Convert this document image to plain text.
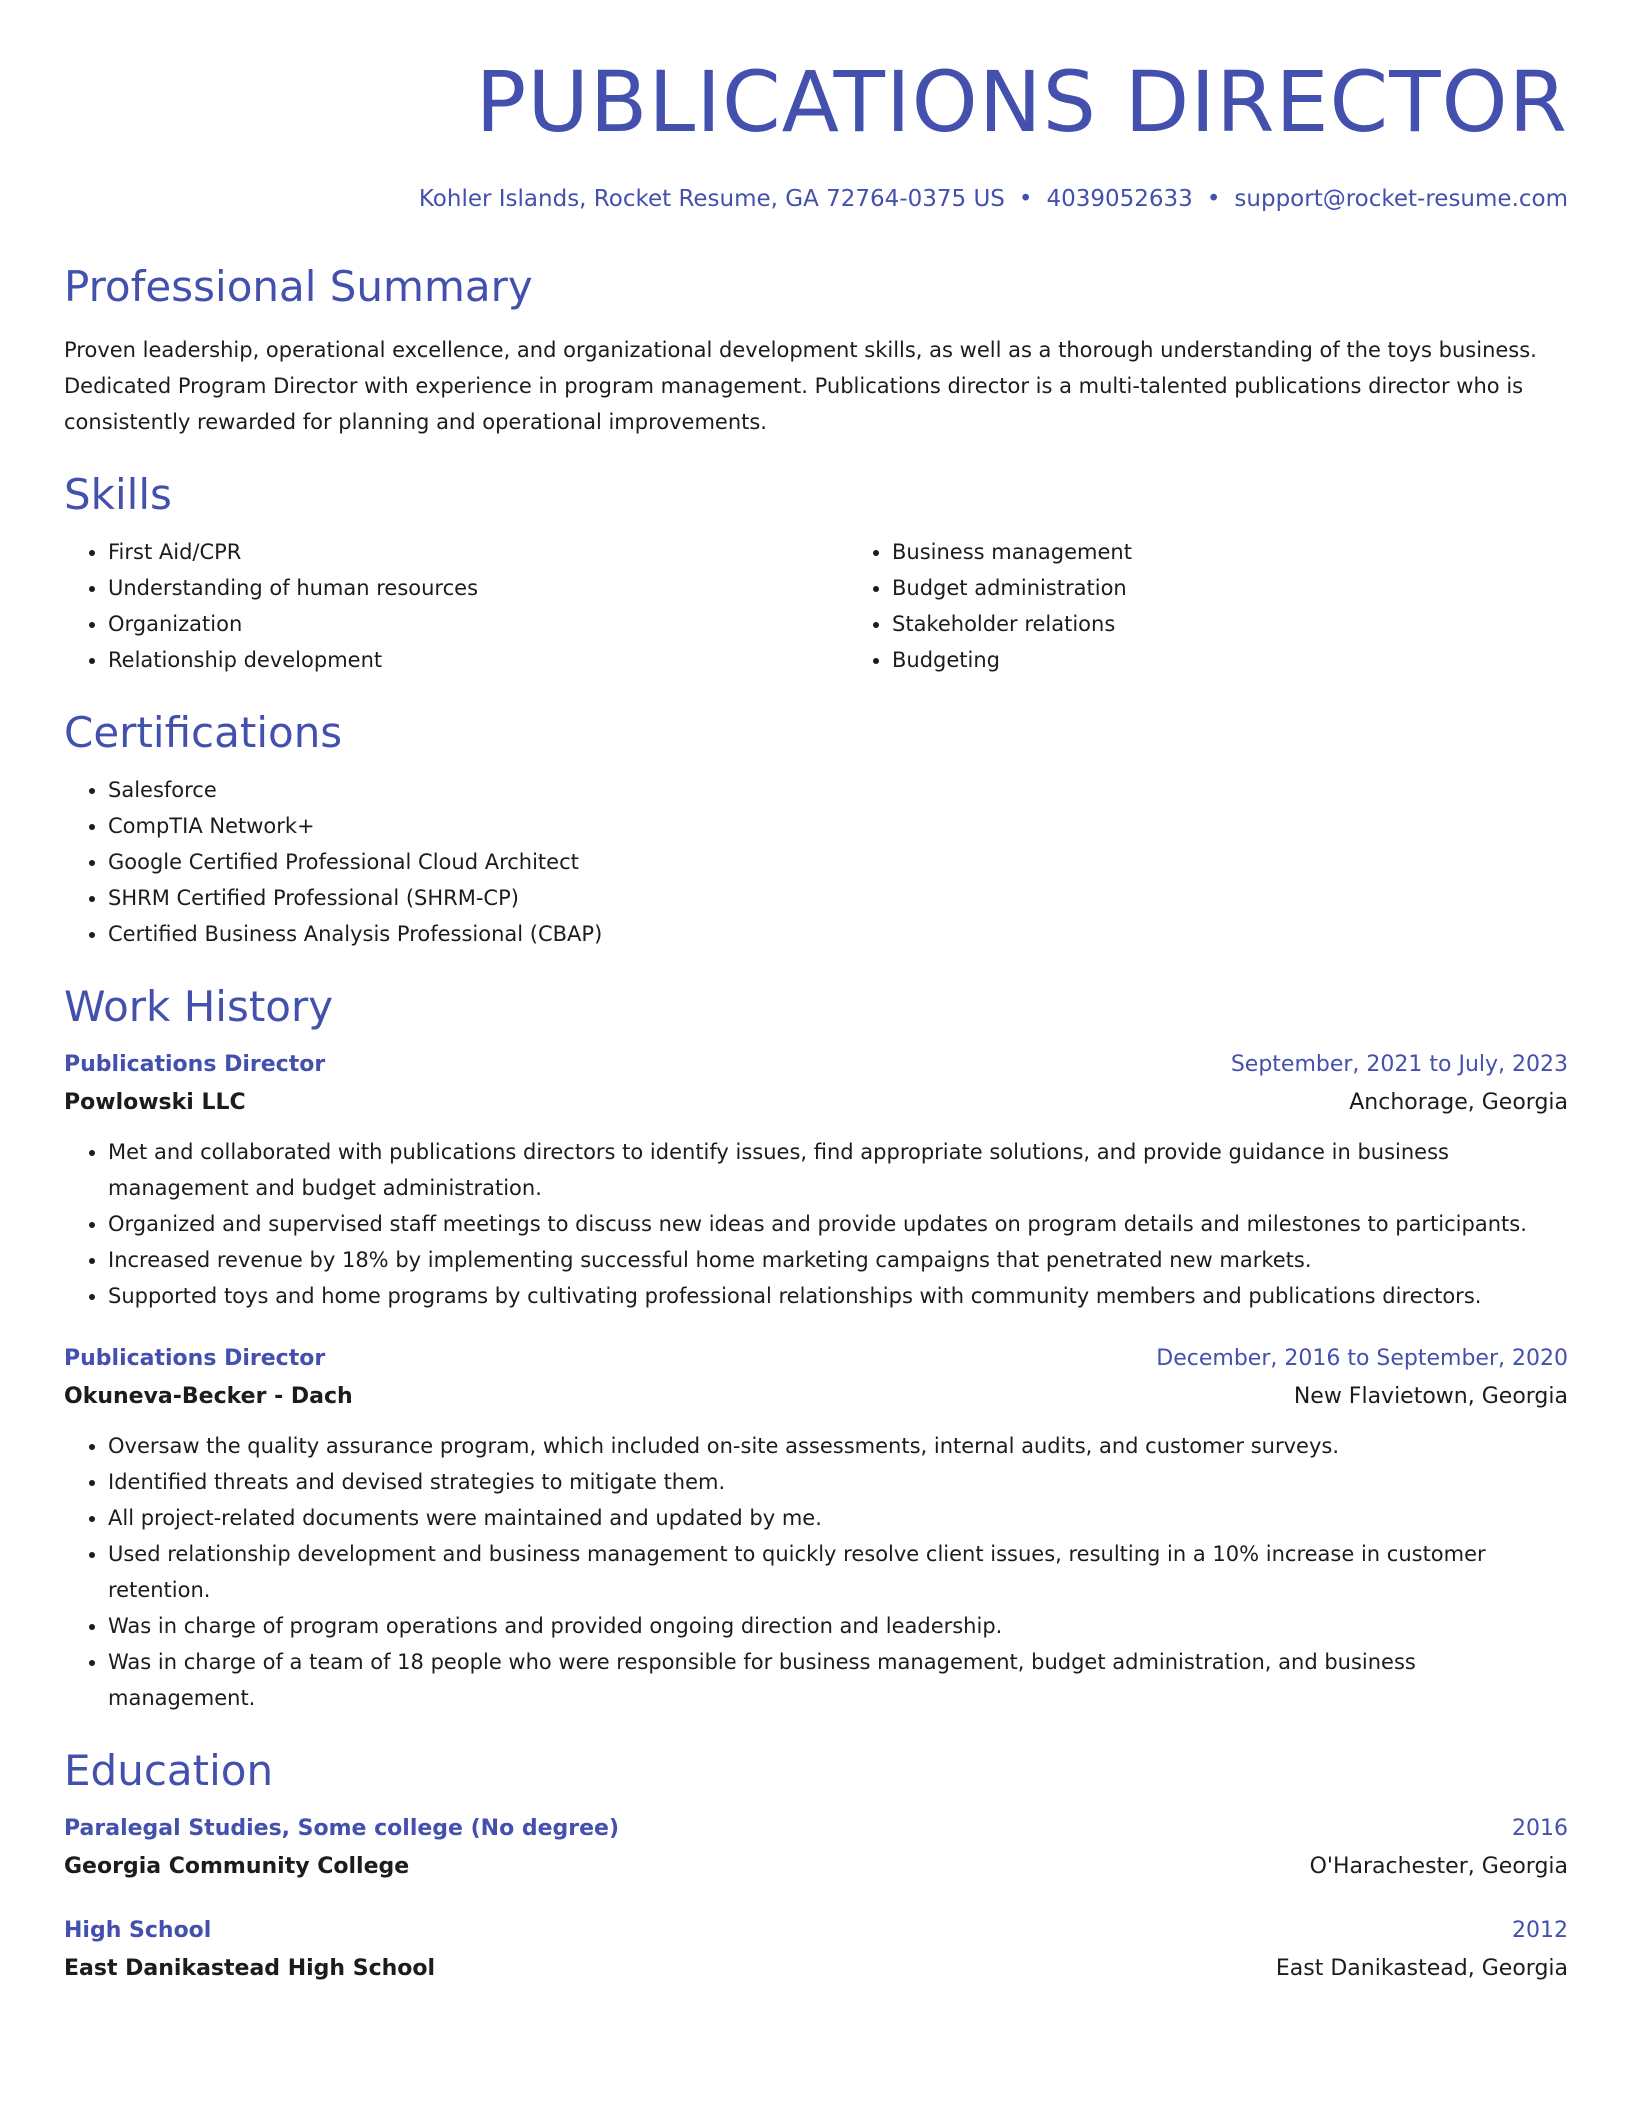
PUBLICATIONS DIRECTOR
Kohler Islands, Rocket Resume, GA 72764-0375 US • 4039052633 • support@rocket-resume.com
Professional Summary

Proven leadership, operational excellence, and organizational development skills, as well as a thorough understanding of the toys business. Dedicated Program Director with experience in program management. Publications director is a multi-talented publications director who is consistently rewarded for planning and operational improvements.

Skills
• First Aid/CPR
• Understanding of human resources
• Organization
• Relationship development
• Business management
• Budget administration
• Stakeholder relations
• Budgeting
Certifications
• Salesforce
• CompTIA Network+
• Google Certified Professional Cloud Architect
• SHRM Certified Professional (SHRM-CP)
• Certified Business Analysis Professional (CBAP)
Work History
Publications Director	September, 2021 to July, 2023
Powlowski LLC	Anchorage, Georgia
• Met and collaborated with publications directors to identify issues, find appropriate solutions, and provide guidance in business management and budget administration.
• Organized and supervised staff meetings to discuss new ideas and provide updates on program details and milestones to participants.
• Increased revenue by 18% by implementing successful home marketing campaigns that penetrated new markets.
• Supported toys and home programs by cultivating professional relationships with community members and publications directors.
Publications Director	December, 2016 to September, 2020
Okuneva-Becker - Dach	New Flavietown, Georgia
• Oversaw the quality assurance program, which included on-site assessments, internal audits, and customer surveys.
• Identified threats and devised strategies to mitigate them.
• All project-related documents were maintained and updated by me.
• Used relationship development and business management to quickly resolve client issues, resulting in a 10% increase in customer retention.
• Was in charge of program operations and provided ongoing direction and leadership.
• Was in charge of a team of 18 people who were responsible for business management, budget administration, and business management.
Education
Paralegal Studies, Some college (No degree)	2016
Georgia Community College	O'Harachester, Georgia
High School	2012
East Danikastead High School	East Danikastead, Georgia
